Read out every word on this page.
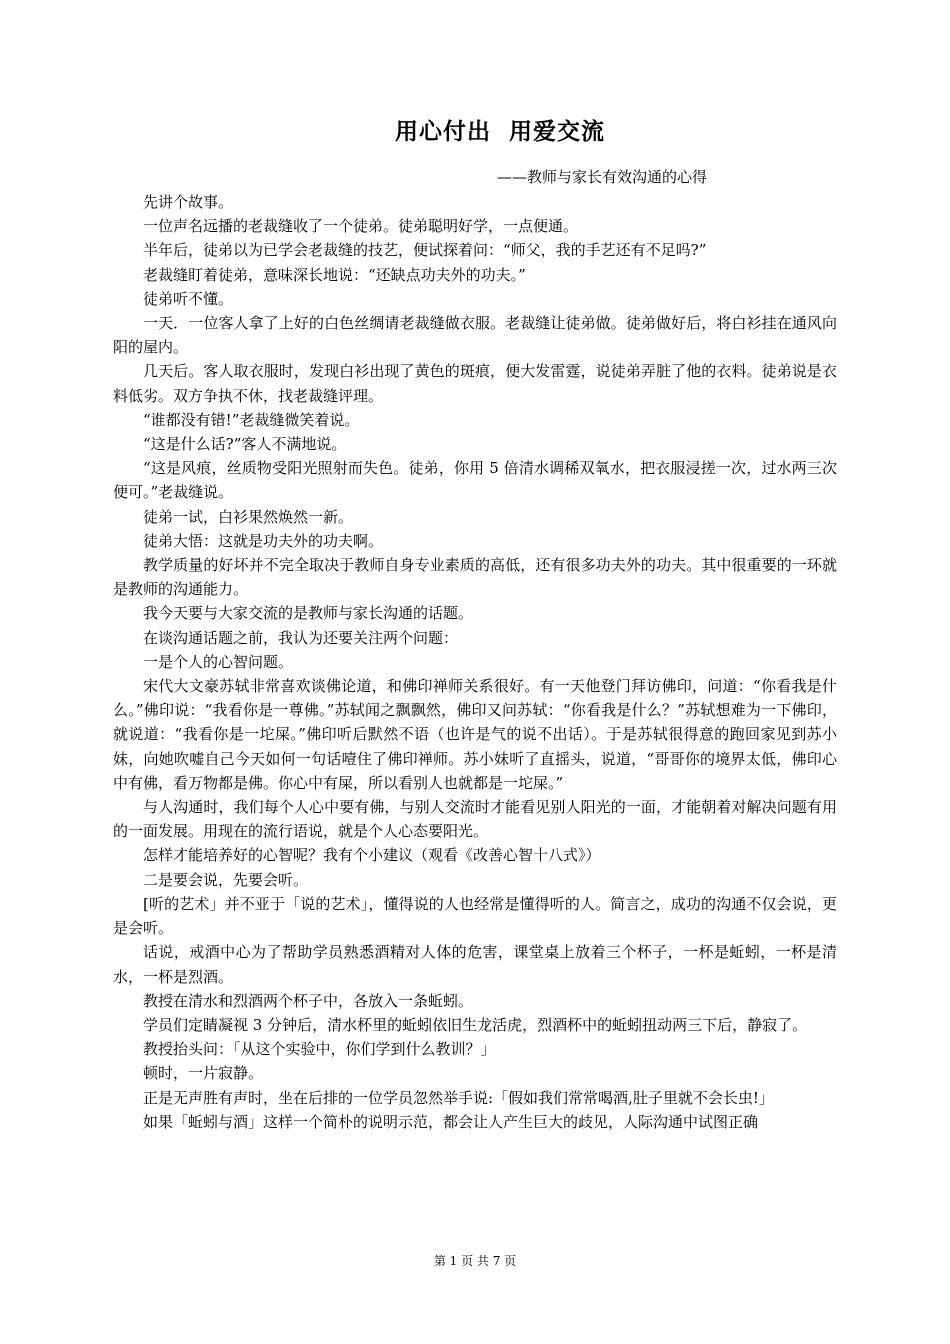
用心付出  用爱交流
——教师与家长有效沟通的心得

先讲个故事。

一位声名远播的老裁缝收了一个徒弟。徒弟聪明好学，一点便通。

半年后，徒弟以为已学会老裁缝的技艺，便试探着问：“师父，我的手艺还有不足吗?”

老裁缝盯着徒弟，意味深长地说：“还缺点功夫外的功夫。”

徒弟听不懂。

一天．一位客人拿了上好的白色丝绸请老裁缝做衣服。老裁缝让徒弟做。徒弟做好后，将白衫挂在通风向阳的屋内。

几天后。客人取衣服时，发现白衫出现了黄色的斑痕，便大发雷霆，说徒弟弄脏了他的衣料。徒弟说是衣料低劣。双方争执不休，找老裁缝评理。

“谁都没有错!”老裁缝微笑着说。

“这是什么话?”客人不满地说。

“这是风痕，丝质物受阳光照射而失色。徒弟，你用 5 倍清水调稀双氧水，把衣服浸搓一次，过水两三次便可。”老裁缝说。

徒弟一试，白衫果然焕然一新。

徒弟大悟：这就是功夫外的功夫啊。

教学质量的好坏并不完全取决于教师自身专业素质的高低，还有很多功夫外的功夫。其中很重要的一环就是教师的沟通能力。

我今天要与大家交流的是教师与家长沟通的话题。

在谈沟通话题之前，我认为还要关注两个问题：

一是个人的心智问题。

宋代大文豪苏轼非常喜欢谈佛论道，和佛印禅师关系很好。有一天他登门拜访佛印，问道：“你看我是什么。”佛印说：“我看你是一尊佛。”苏轼闻之飘飘然，佛印又问苏轼：“你看我是什么？”苏轼想难为一下佛印，就说道：“我看你是一坨屎。”佛印听后默然不语（也许是气的说不出话）。于是苏轼很得意的跑回家见到苏小妹，向她吹嘘自己今天如何一句话噎住了佛印禅师。苏小妹听了直摇头，说道，“哥哥你的境界太低，佛印心中有佛，看万物都是佛。你心中有屎，所以看别人也就都是一坨屎。”

与人沟通时，我们每个人心中要有佛，与别人交流时才能看见别人阳光的一面，才能朝着对解决问题有用的一面发展。用现在的流行语说，就是个人心态要阳光。

怎样才能培养好的心智呢？我有个小建议（观看《改善心智十八式》）

二是要会说，先要会听。

[听的艺术」并不亚于「说的艺术」，懂得说的人也经常是懂得听的人。简言之，成功的沟通不仅会说，更是会听。

话说，戒酒中心为了帮助学员熟悉酒精对人体的危害，课堂桌上放着三个杯子，一杯是蚯蚓，一杯是清水，一杯是烈酒。

教授在清水和烈酒两个杯子中，各放入一条蚯蚓。

学员们定睛凝视 3 分钟后，清水杯里的蚯蚓依旧生龙活虎，烈酒杯中的蚯蚓扭动两三下后，静寂了。

教授抬头问：「从这个实验中，你们学到什么教训？」

顿时，一片寂静。

正是无声胜有声时，坐在后排的一位学员忽然举手说:「假如我们常常喝酒,肚子里就不会长虫!」

如果「蚯蚓与酒」这样一个简朴的说明示范，都会让人产生巨大的歧见，人际沟通中试图正确

第 1 页 共 7 页
